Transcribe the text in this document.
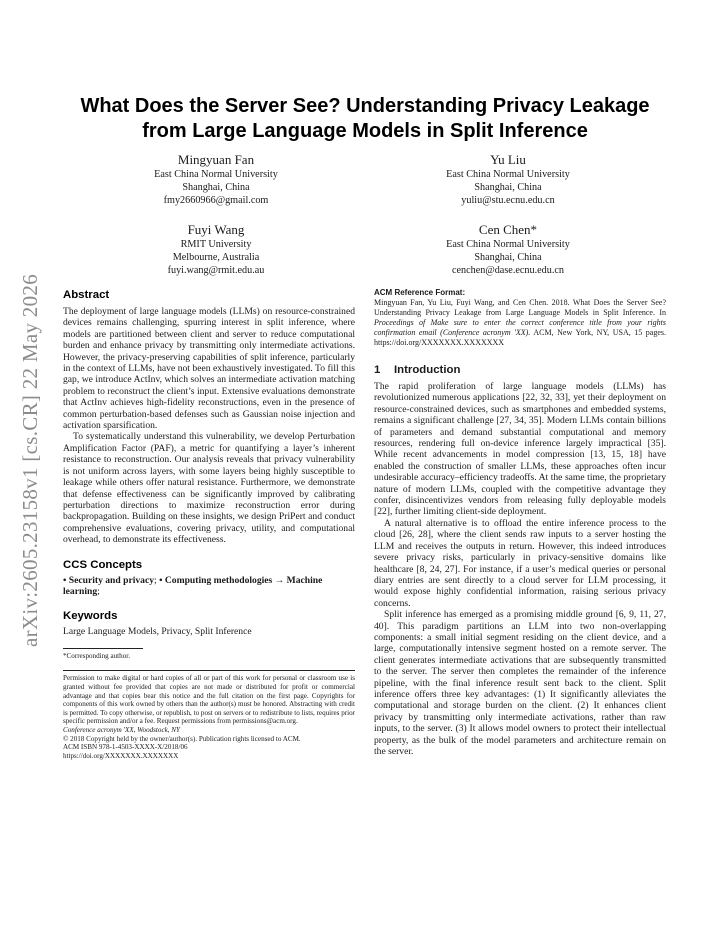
arXiv:2605.23158v1 [cs.CR] 22 May 2026
What Does the Server See? Understanding Privacy Leakage from Large Language Models in Split Inference
Mingyuan Fan
East China Normal University
Shanghai, China
fmy2660966@gmail.com
Yu Liu
East China Normal University
Shanghai, China
yuliu@stu.ecnu.edu.cn
Fuyi Wang
RMIT University
Melbourne, Australia
fuyi.wang@rmit.edu.au
Cen Chen*
East China Normal University
Shanghai, China
cenchen@dase.ecnu.edu.cn
Abstract

The deployment of large language models (LLMs) on resource-constrained devices remains challenging, spurring interest in split inference, where models are partitioned between client and server to reduce computational burden and enhance privacy by transmitting only intermediate activations. However, the privacy-preserving capabilities of split inference, particularly in the context of LLMs, have not been exhaustively investigated. To fill this gap, we introduce ActInv, which solves an intermediate activation matching problem to reconstruct the client’s input. Extensive evaluations demonstrate that ActInv achieves high-fidelity reconstructions, even in the presence of common perturbation-based defenses such as Gaussian noise injection and activation sparsification.

To systematically understand this vulnerability, we develop Perturbation Amplification Factor (PAF), a metric for quantifying a layer’s inherent resistance to reconstruction. Our analysis reveals that privacy vulnerability is not uniform across layers, with some layers being highly susceptible to leakage while others offer natural resistance. Furthermore, we demonstrate that defense effectiveness can be significantly improved by calibrating perturbation directions to maximize reconstruction error during backpropagation. Building on these insights, we design PriPert and conduct comprehensive evaluations, covering privacy, utility, and computational overhead, to demonstrate its effectiveness.

CCS Concepts

• Security and privacy; • Computing methodologies → Machine learning;

Keywords

Large Language Models, Privacy, Split Inference

*Corresponding author.

Permission to make digital or hard copies of all or part of this work for personal or classroom use is granted without fee provided that copies are not made or distributed for profit or commercial advantage and that copies bear this notice and the full citation on the first page. Copyrights for components of this work owned by others than the author(s) must be honored. Abstracting with credit is permitted. To copy otherwise, or republish, to post on servers or to redistribute to lists, requires prior specific permission and/or a fee. Request permissions from permissions@acm.org.

Conference acronym 'XX, Woodstock, NY

© 2018 Copyright held by the owner/author(s). Publication rights licensed to ACM.

ACM ISBN 978-1-4503-XXXX-X/2018/06

https://doi.org/XXXXXXX.XXXXXXX

ACM Reference Format:

Mingyuan Fan, Yu Liu, Fuyi Wang, and Cen Chen. 2018. What Does the Server See? Understanding Privacy Leakage from Large Language Models in Split Inference. In Proceedings of Make sure to enter the correct conference title from your rights confirmation email (Conference acronym 'XX). ACM, New York, NY, USA, 15 pages. https://doi.org/XXXXXXX.XXXXXXX

1 Introduction

The rapid proliferation of large language models (LLMs) has revolutionized numerous applications [22, 32, 33], yet their deployment on resource-constrained devices, such as smartphones and embedded systems, remains a significant challenge [27, 34, 35]. Modern LLMs contain billions of parameters and demand substantial computational and memory resources, rendering full on-device inference largely impractical [35]. While recent advancements in model compression [13, 15, 18] have enabled the construction of smaller LLMs, these approaches often incur undesirable accuracy–efficiency tradeoffs. At the same time, the proprietary nature of modern LLMs, coupled with the competitive advantage they confer, disincentivizes vendors from releasing fully deployable models [22], further limiting client-side deployment.

A natural alternative is to offload the entire inference process to the cloud [26, 28], where the client sends raw inputs to a server hosting the LLM and receives the outputs in return. However, this indeed introduces severe privacy risks, particularly in privacy-sensitive domains like healthcare [8, 24, 27]. For instance, if a user’s medical queries or personal diary entries are sent directly to a cloud server for LLM processing, it would expose highly confidential information, raising serious privacy concerns.

Split inference has emerged as a promising middle ground [6, 9, 11, 27, 40]. This paradigm partitions an LLM into two non-overlapping components: a small initial segment residing on the client device, and a large, computationally intensive segment hosted on a remote server. The client generates intermediate activations that are subsequently transmitted to the server. The server then completes the remainder of the inference pipeline, with the final inference result sent back to the client. Split inference offers three key advantages: (1) It significantly alleviates the computational and storage burden on the client. (2) It enhances client privacy by transmitting only intermediate activations, rather than raw inputs, to the server. (3) It allows model owners to protect their intellectual property, as the bulk of the model parameters and architecture remain on the server.
